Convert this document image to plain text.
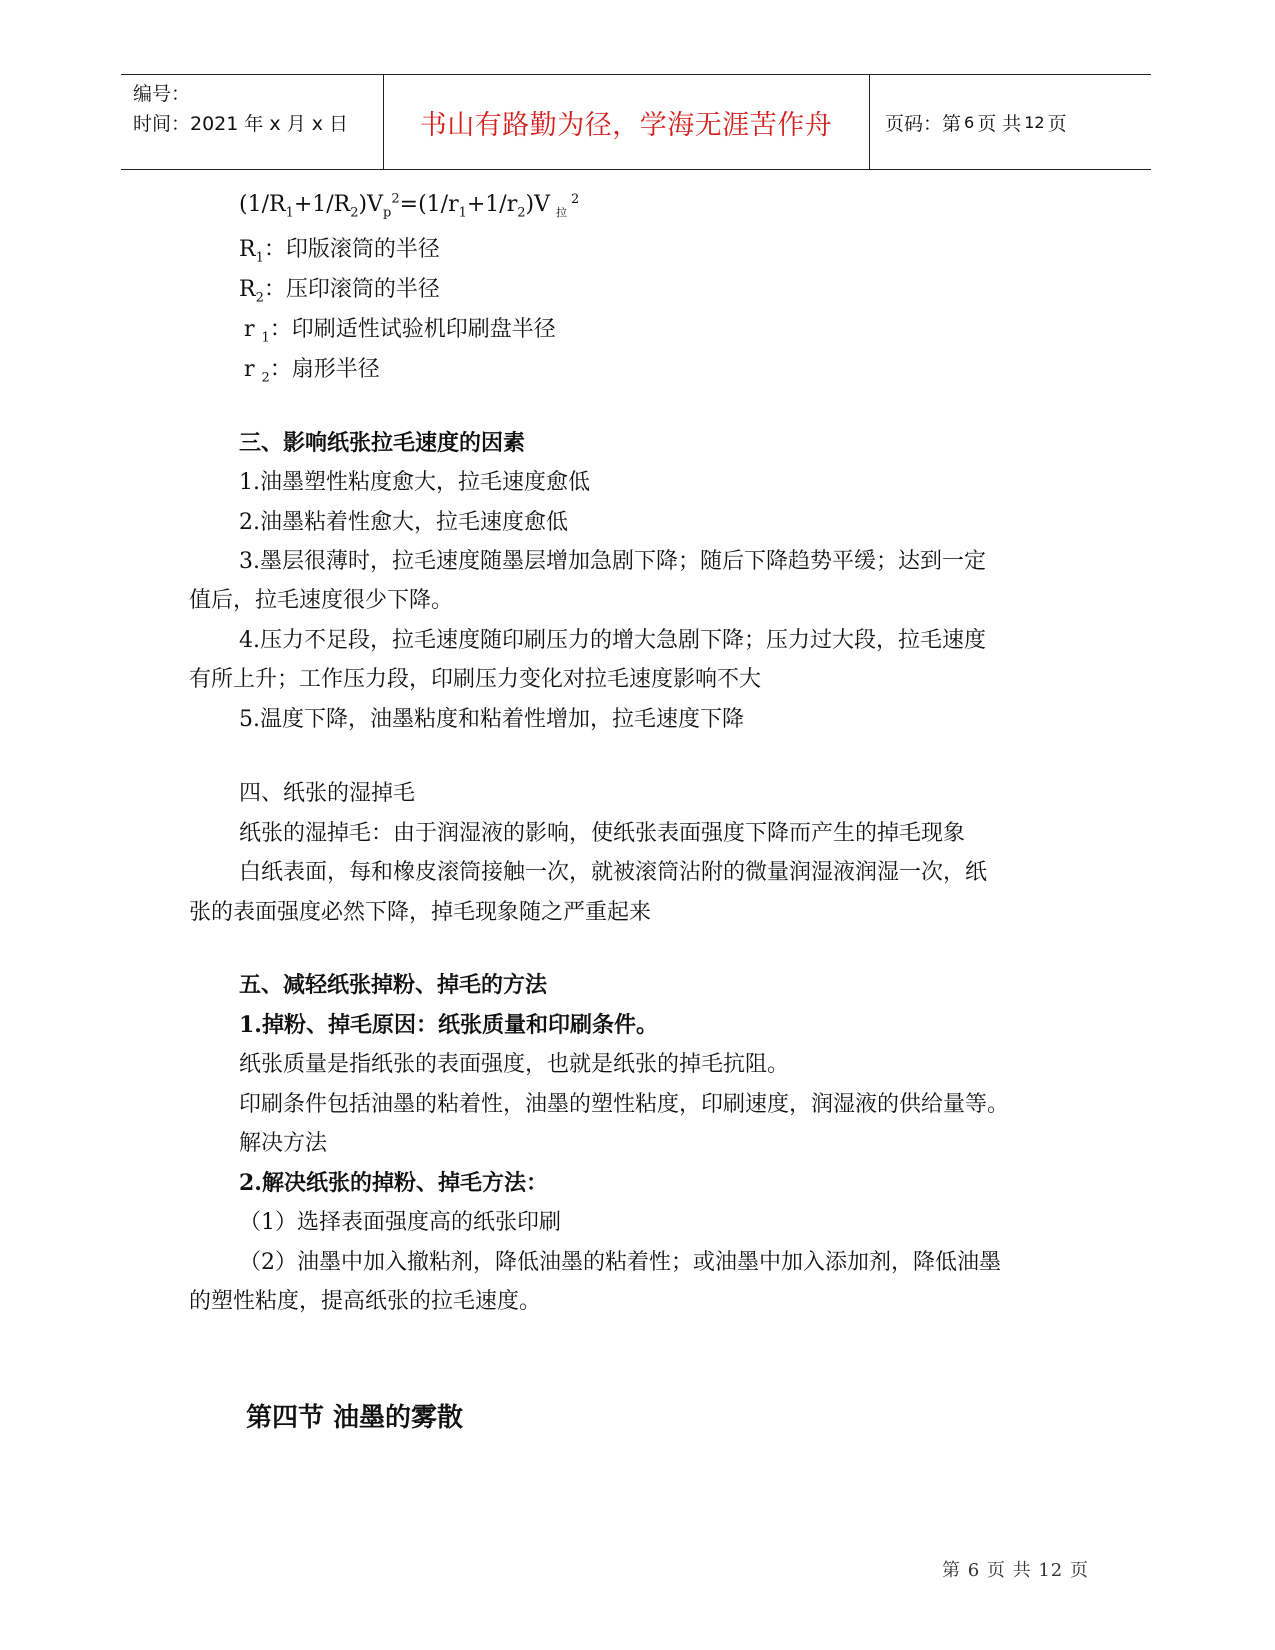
编号：
时间：2021 年 x 月 x 日	书山有路勤为径，学海无涯苦作舟	页码：第 6 页 共 12 页
$(1/R_1+1/R_2)V_p^2=(1/r_1+1/r_2)V$ $_拉^2$
$R_1$：印版滚筒的半径
$R_2$：压印滚筒的半径
r $_1$：印刷适性试验机印刷盘半径
r $_2$：扇形半径
三、影响纸张拉毛速度的因素
1.油墨塑性粘度愈大，拉毛速度愈低
2.油墨粘着性愈大，拉毛速度愈低
3.墨层很薄时，拉毛速度随墨层增加急剧下降；随后下降趋势平缓；达到一定
值后，拉毛速度很少下降。
4.压力不足段，拉毛速度随印刷压力的增大急剧下降；压力过大段，拉毛速度
有所上升；工作压力段，印刷压力变化对拉毛速度影响不大
5.温度下降，油墨粘度和粘着性增加，拉毛速度下降
四、纸张的湿掉毛
纸张的湿掉毛：由于润湿液的影响，使纸张表面强度下降而产生的掉毛现象
白纸表面，每和橡皮滚筒接触一次，就被滚筒沾附的微量润湿液润湿一次，纸
张的表面强度必然下降，掉毛现象随之严重起来
五、减轻纸张掉粉、掉毛的方法
1.掉粉、掉毛原因：纸张质量和印刷条件。
纸张质量是指纸张的表面强度，也就是纸张的掉毛抗阻。
印刷条件包括油墨的粘着性，油墨的塑性粘度，印刷速度，润湿液的供给量等。
解决方法
2.解决纸张的掉粉、掉毛方法：
（1）选择表面强度高的纸张印刷
（2）油墨中加入撤粘剂，降低油墨的粘着性；或油墨中加入添加剂，降低油墨
的塑性粘度，提高纸张的拉毛速度。
第四节 油墨的雾散
第 6 页 共 12 页
